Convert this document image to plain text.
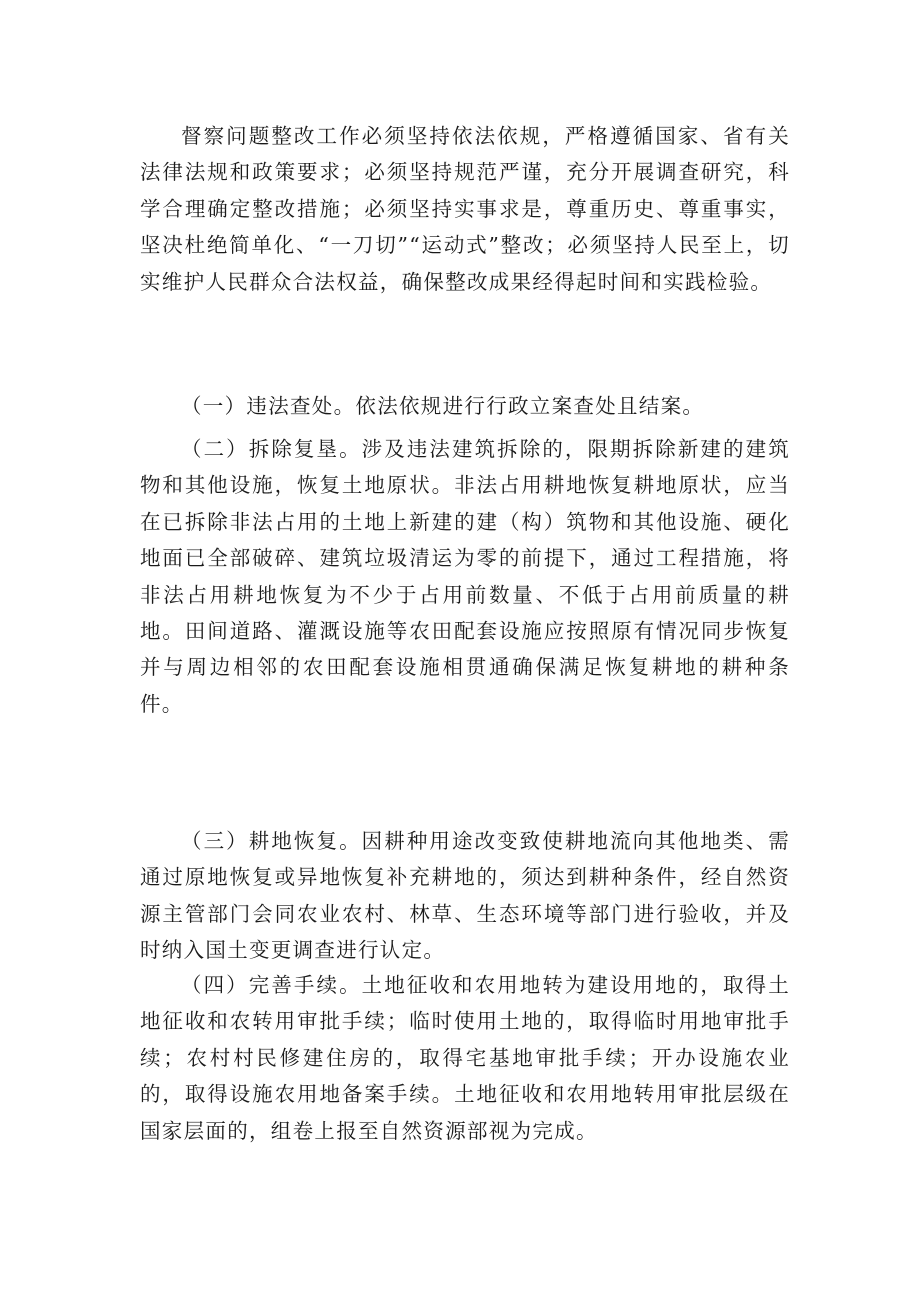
督察问题整改工作必须坚持依法依规，严格遵循国家、省有关法律法规和政策要求；必须坚持规范严谨，充分开展调查研究，科学合理确定整改措施；必须坚持实事求是，尊重历史、尊重事实，坚决杜绝简单化、“一刀切”“运动式”整改；必须坚持人民至上，切实维护人民群众合法权益，确保整改成果经得起时间和实践检验。

（一）违法查处。依法依规进行行政立案查处且结案。

（二）拆除复垦。涉及违法建筑拆除的，限期拆除新建的建筑物和其他设施，恢复土地原状。非法占用耕地恢复耕地原状，应当在已拆除非法占用的土地上新建的建（构）筑物和其他设施、硬化地面已全部破碎、建筑垃圾清运为零的前提下，通过工程措施，将非法占用耕地恢复为不少于占用前数量、不低于占用前质量的耕地。田间道路、灌溉设施等农田配套设施应按照原有情况同步恢复并与周边相邻的农田配套设施相贯通确保满足恢复耕地的耕种条件。

（三）耕地恢复。因耕种用途改变致使耕地流向其他地类、需通过原地恢复或异地恢复补充耕地的，须达到耕种条件，经自然资源主管部门会同农业农村、林草、生态环境等部门进行验收，并及时纳入国土变更调查进行认定。

（四）完善手续。土地征收和农用地转为建设用地的，取得土地征收和农转用审批手续；临时使用土地的，取得临时用地审批手续；农村村民修建住房的，取得宅基地审批手续；开办设施农业的，取得设施农用地备案手续。土地征收和农用地转用审批层级在国家层面的，组卷上报至自然资源部视为完成。
